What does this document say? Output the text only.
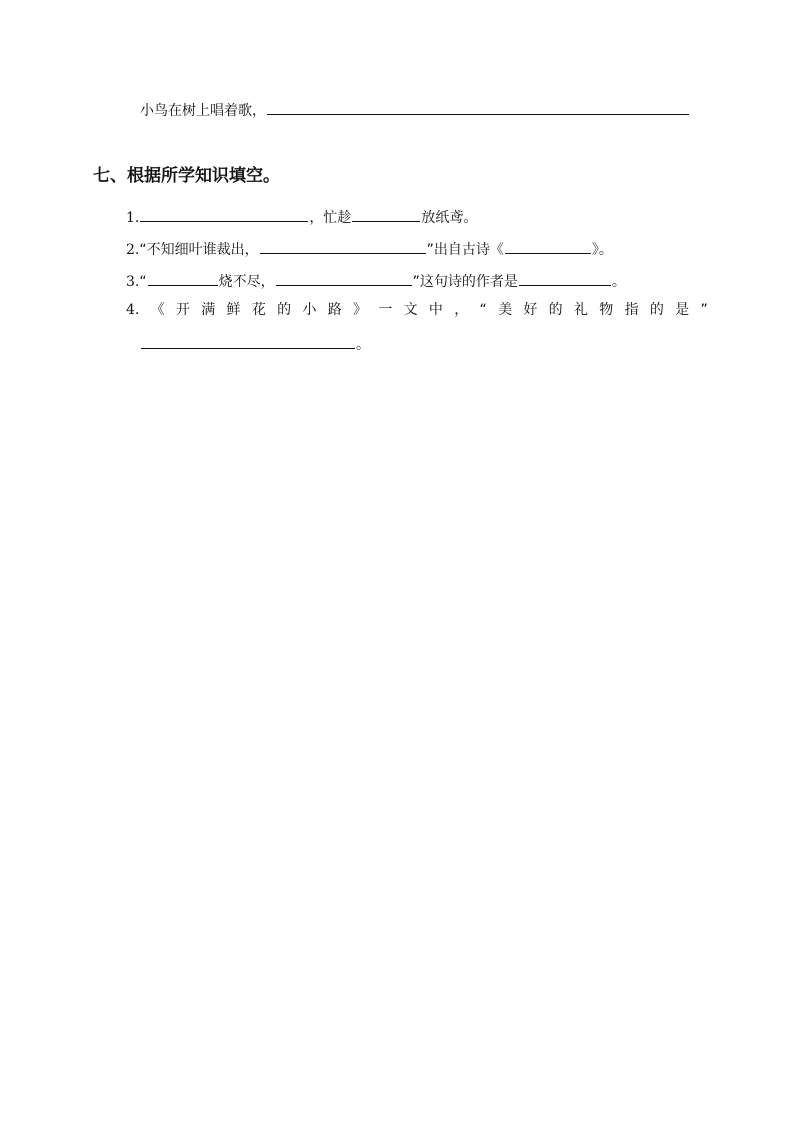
小鸟在树上唱着歌，
七、根据所学知识填空。
1.	，忙趁	放纸鸢。
2.“不知细叶谁裁出，	”出自古诗《	》。
3.“	烧不尽，	”这句诗的作者是	。
4. 《 开 满 鲜 花 的 小 路 》 一 文 中 ， “ 美 好 的 礼 物 指 的 是 ”
。
